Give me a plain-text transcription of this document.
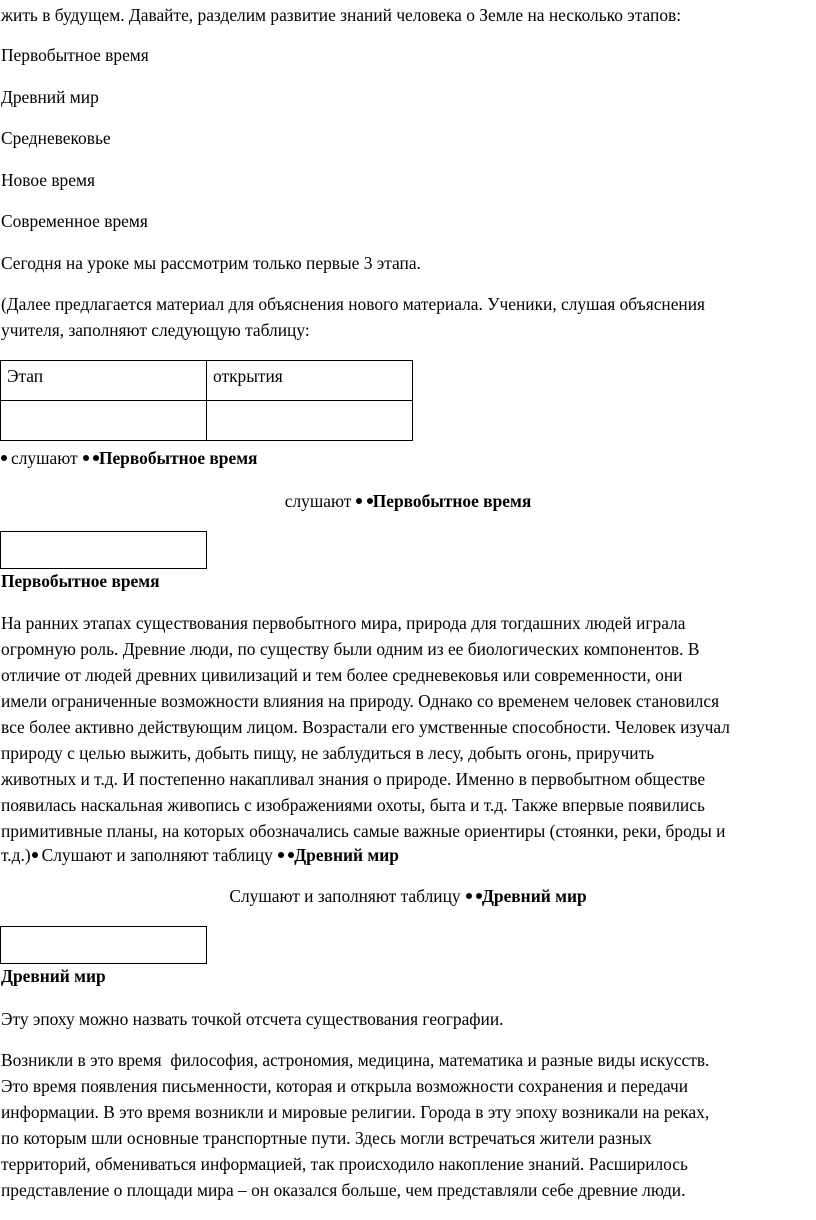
жить в будущем. Давайте, разделим развитие знаний человека о Земле на несколько этапов:

Первобытное время

Древний мир

Средневековье

Новое время

Современное время

Сегодня на уроке мы рассмотрим только первые 3 этапа.

(Далее предлагается материал для объяснения нового материала. Ученики, слушая объяснения

учителя, заполняют следующую таблицу:

Этап	открытия

слушают Первобытное время

слушают Первобытное время

Первобытное время

На ранних этапах существования первобытного мира, природа для тогдашних людей играла

огромную роль. Древние люди, по существу были одним из ее биологических компонентов. В

отличие от людей древних цивилизаций и тем более средневековья или современности, они

имели ограниченные возможности влияния на природу. Однако со временем человек становился

все более активно действующим лицом. Возрастали его умственные способности. Человек изучал

природу с целью выжить, добыть пищу, не заблудиться в лесу, добыть огонь, приручить

животных и т.д. И постепенно накапливал знания о природе. Именно в первобытном обществе

появилась наскальная живопись с изображениями охоты, быта и т.д. Также впервые появились

примитивные планы, на которых обозначались самые важные ориентиры (стоянки, реки, броды и

т.д.) Слушают и заполняют таблицу Древний мир

Слушают и заполняют таблицу Древний мир

Древний мир

Эту эпоху можно назвать точкой отсчета существования географии.

Возникли в это время  философия, астрономия, медицина, математика и разные виды искусств.

Это время появления письменности, которая и открыла возможности сохранения и передачи

информации. В это время возникли и мировые религии. Города в эту эпоху возникали на реках,

по которым шли основные транспортные пути. Здесь могли встречаться жители разных

территорий, обмениваться информацией, так происходило накопление знаний. Расширилось

представление о площади мира – он оказался больше, чем представляли себе древние люди.
